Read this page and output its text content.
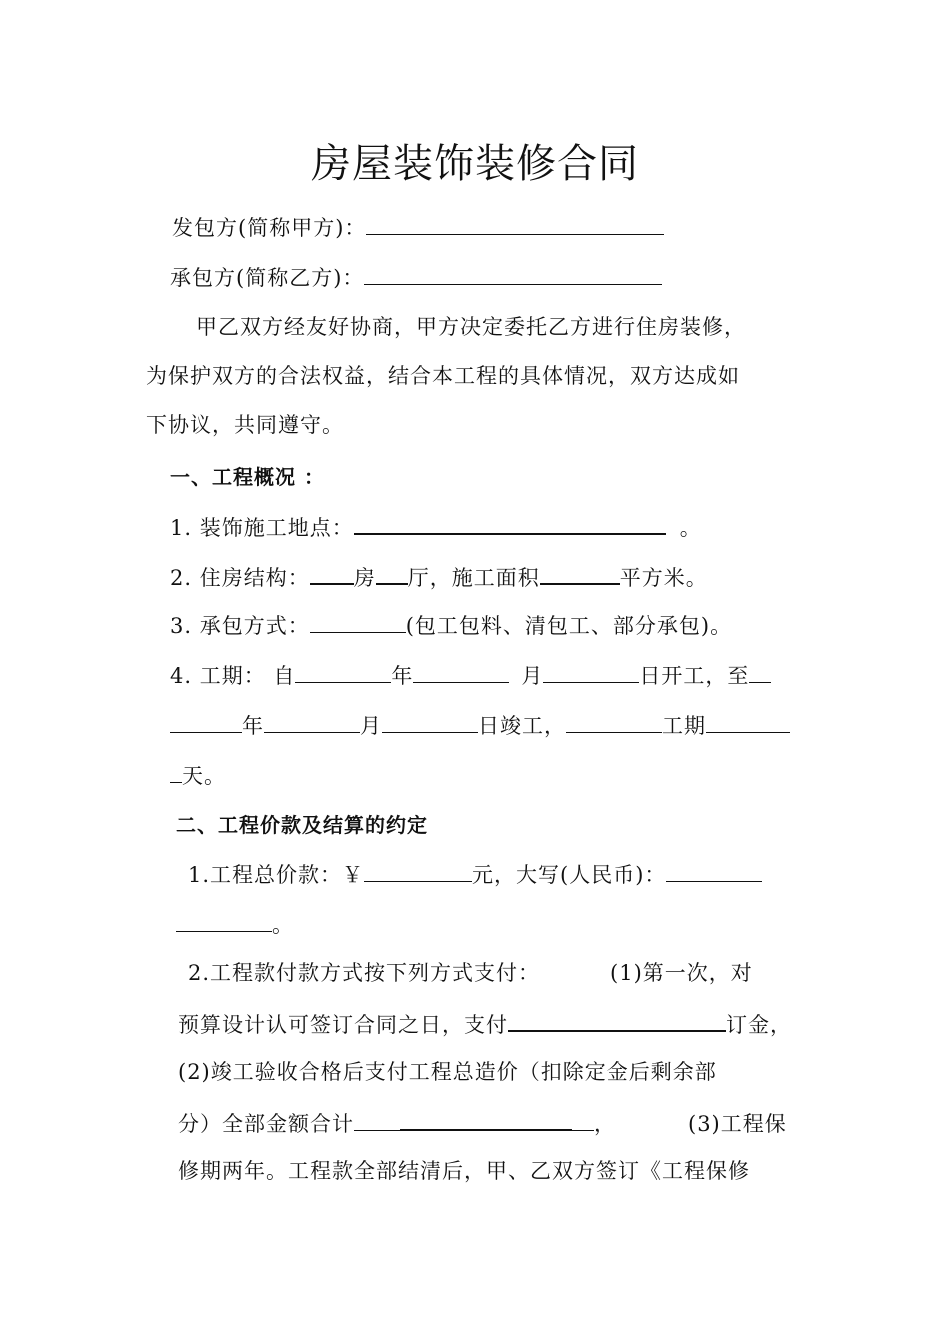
房屋装饰装修合同
发包方(简称甲方)：
承包方(简称乙方)：
甲乙双方经友好协商，甲方决定委托乙方进行住房装修，
为保护双方的合法权益，结合本工程的具体情况，双方达成如
下协议，共同遵守。
一、工程概况 ：
1. 装饰施工地点：	。
2. 住房结构： 房 厅，施工面积	平方米。
3. 承包方式：	(包工包料、清包工、部分承包)。
4. 工期： 自	年	月	日开工，至
年	月	日竣工，	工期
天。
二、工程价款及结算的约定
1.工程总价款：￥	元，大写(人民币)：
。
2.工程款付款方式按下列方式支付：	(1)第一次，对
预算设计认可签订合同之日，支付	订金，
(2)竣工验收合格后支付工程总造价（扣除定金后剩余部
分）全部金额合计	，	(3)工程保
修期两年。工程款全部结清后，甲、乙双方签订《工程保修
